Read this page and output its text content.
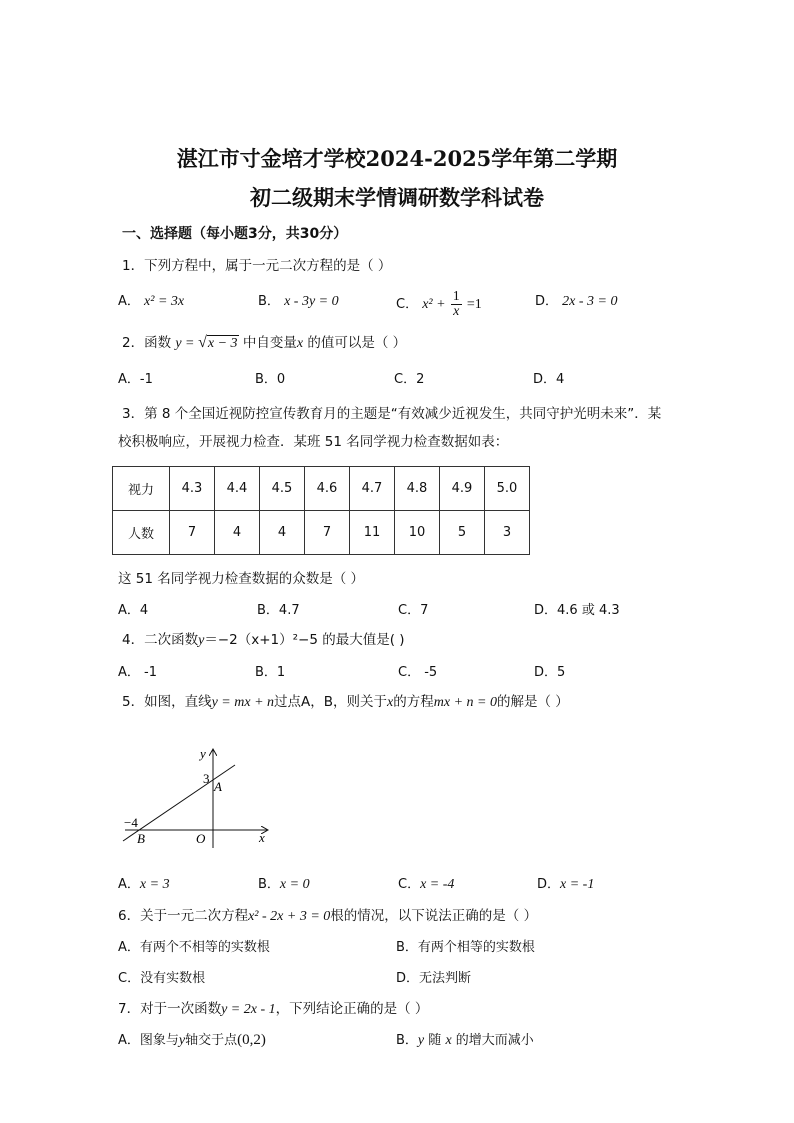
湛江市寸金培才学校2024-2025学年第二学期
初二级期末学情调研数学科试卷
一、选择题（每小题3分，共30分）
1．下列方程中，属于一元二次方程的是（ ）
A． x² = 3x	B． x - 3y = 0	C． $x^2 + \frac{1}{x} =1$	D． 2x - 3 = 0
2．函数 y = √x − 3 中自变量x 的值可以是（ ）
A．-1	B．0	C．2	D．4
3．第 8 个全国近视防控宣传教育月的主题是“有效减少近视发生，共同守护光明未来”．某
校积极响应，开展视力检查．某班 51 名同学视力检查数据如表：
视力	4.3	4.4	4.5	4.6	4.7	4.8	4.9	5.0
人数	7	4	4	7	11	10	5	3
这 51 名同学视力检查数据的众数是（ ）
A．4	B．4.7	C．7	D．4.6 或 4.3
4．二次函数y＝−2（x+1）²−5 的最大值是( )
A． -1	B．1	C． -5	D．5
5．如图，直线y = mx + n过点A，B，则关于x的方程mx + n = 0的解是（ ）
y
x
3
A
−4
B	O
A．x = 3	B．x = 0	C．x = -4	D．x = -1
6．关于一元二次方程x² - 2x + 3 = 0根的情况，以下说法正确的是（ ）
A．有两个不相等的实数根	B．有两个相等的实数根
C．没有实数根	D．无法判断
7．对于一次函数y = 2x - 1，下列结论正确的是（ ）
A．图象与y轴交于点(0,2)	B．y 随 x 的增大而减小
